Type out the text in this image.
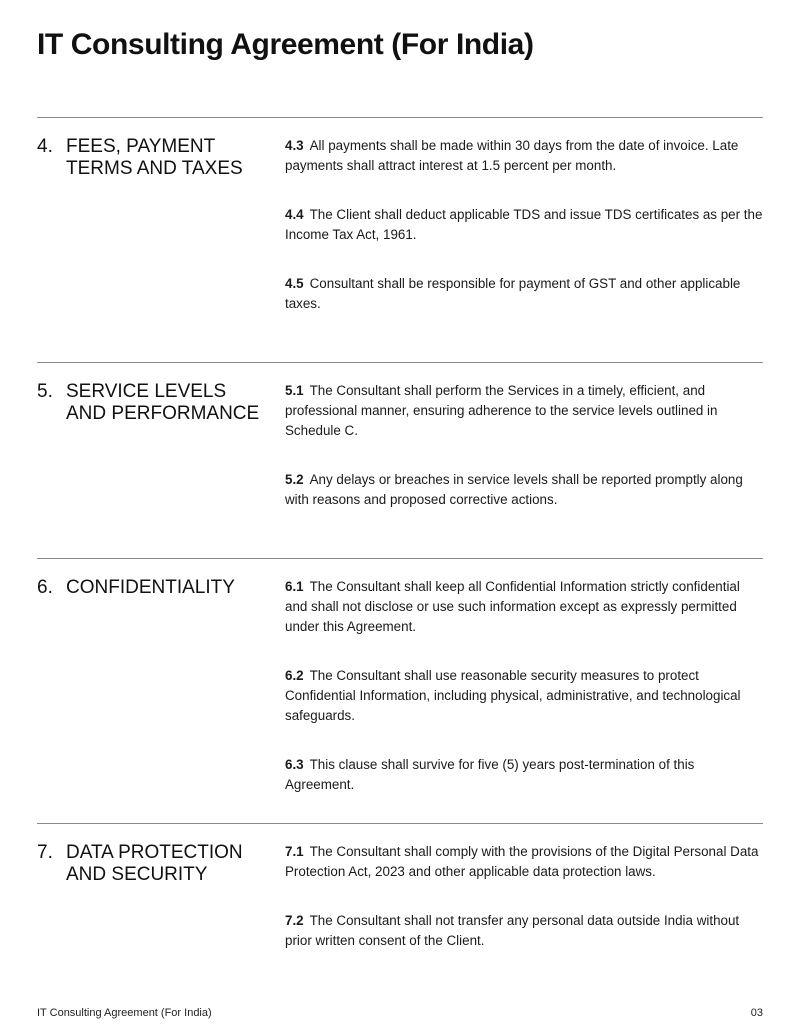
IT Consulting Agreement (For India)
4. FEES, PAYMENT TERMS AND TAXES

4.3 All payments shall be made within 30 days from the date of invoice. Late payments shall attract interest at 1.5 percent per month.

4.4 The Client shall deduct applicable TDS and issue TDS certificates as per the Income Tax Act, 1961.

4.5 Consultant shall be responsible for payment of GST and other applicable taxes.

5. SERVICE LEVELS AND PERFORMANCE

5.1 The Consultant shall perform the Services in a timely, efficient, and professional manner, ensuring adherence to the service levels outlined in Schedule C.

5.2 Any delays or breaches in service levels shall be reported promptly along with reasons and proposed corrective actions.

6. CONFIDENTIALITY	6.1 The Consultant shall keep all Confidential Information strictly confidential and shall not disclose or use such information except as expressly permitted under this Agreement.

6.2 The Consultant shall use reasonable security measures to protect Confidential Information, including physical, administrative, and technological safeguards.

6.3 This clause shall survive for five (5) years post-termination of this Agreement.

7. DATA PROTECTION AND SECURITY

7.1 The Consultant shall comply with the provisions of the Digital Personal Data Protection Act, 2023 and other applicable data protection laws.

7.2 The Consultant shall not transfer any personal data outside India without prior written consent of the Client.

IT Consulting Agreement (For India)	03
